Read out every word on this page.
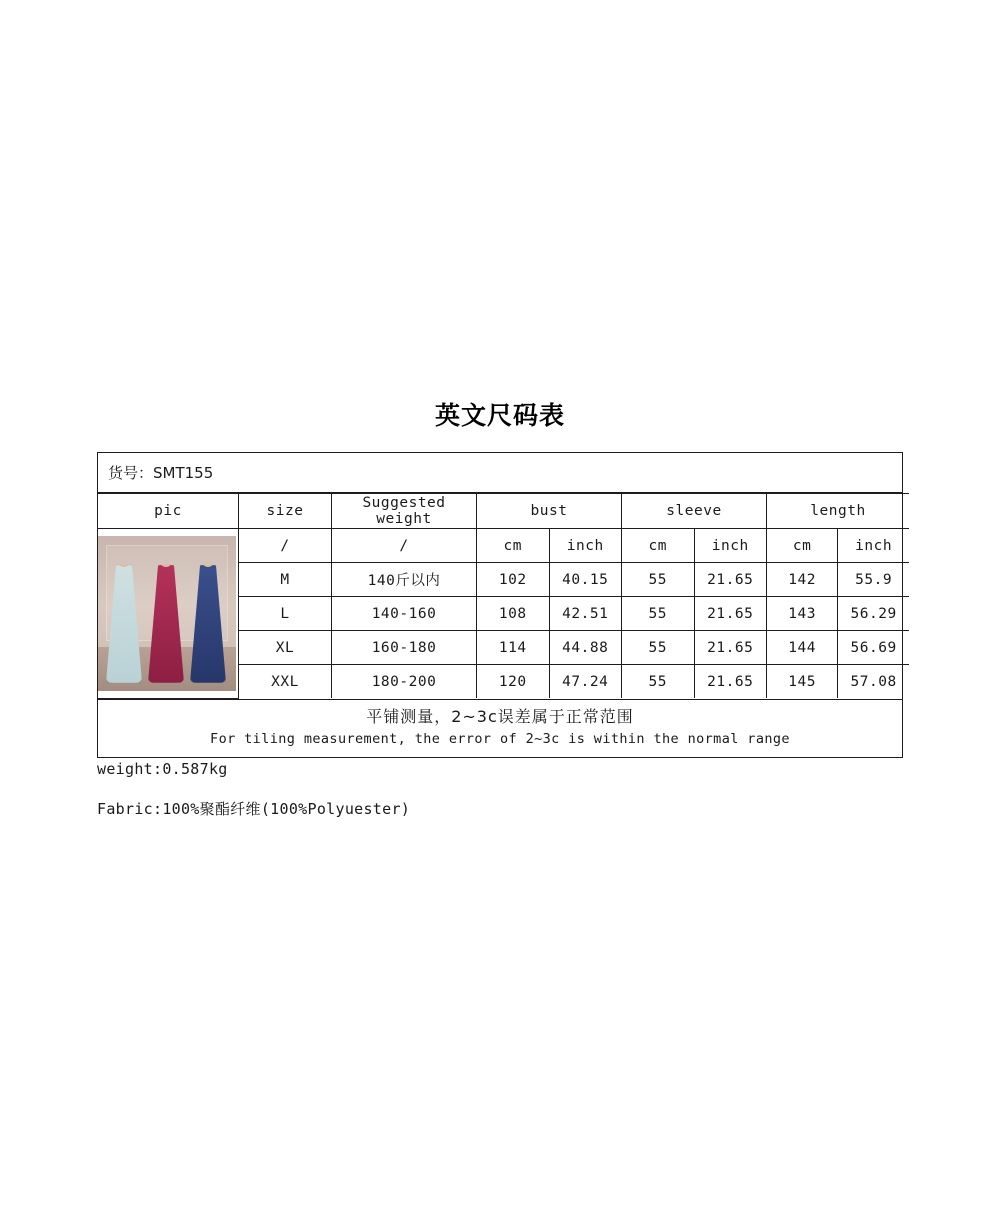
英文尺码表
货号：SMT155
pic	size	Suggested weight	bust		sleeve		length	

	/	/	cm	inch	cm	inch	cm	inch
	M	140斤以内	102	40.15	55	21.65	142	55.9
	L	140-160	108	42.51	55	21.65	143	56.29
	XL	160-180	114	44.88	55	21.65	144	56.69
	XXL	180-200	120	47.24	55	21.65	145	57.08
平铺测量，2~3c误差属于正常范围
For tiling measurement, the error of 2~3c is within the normal range
weight:0.587kg
Fabric:100%聚酯纤维(100%Polyuester)
